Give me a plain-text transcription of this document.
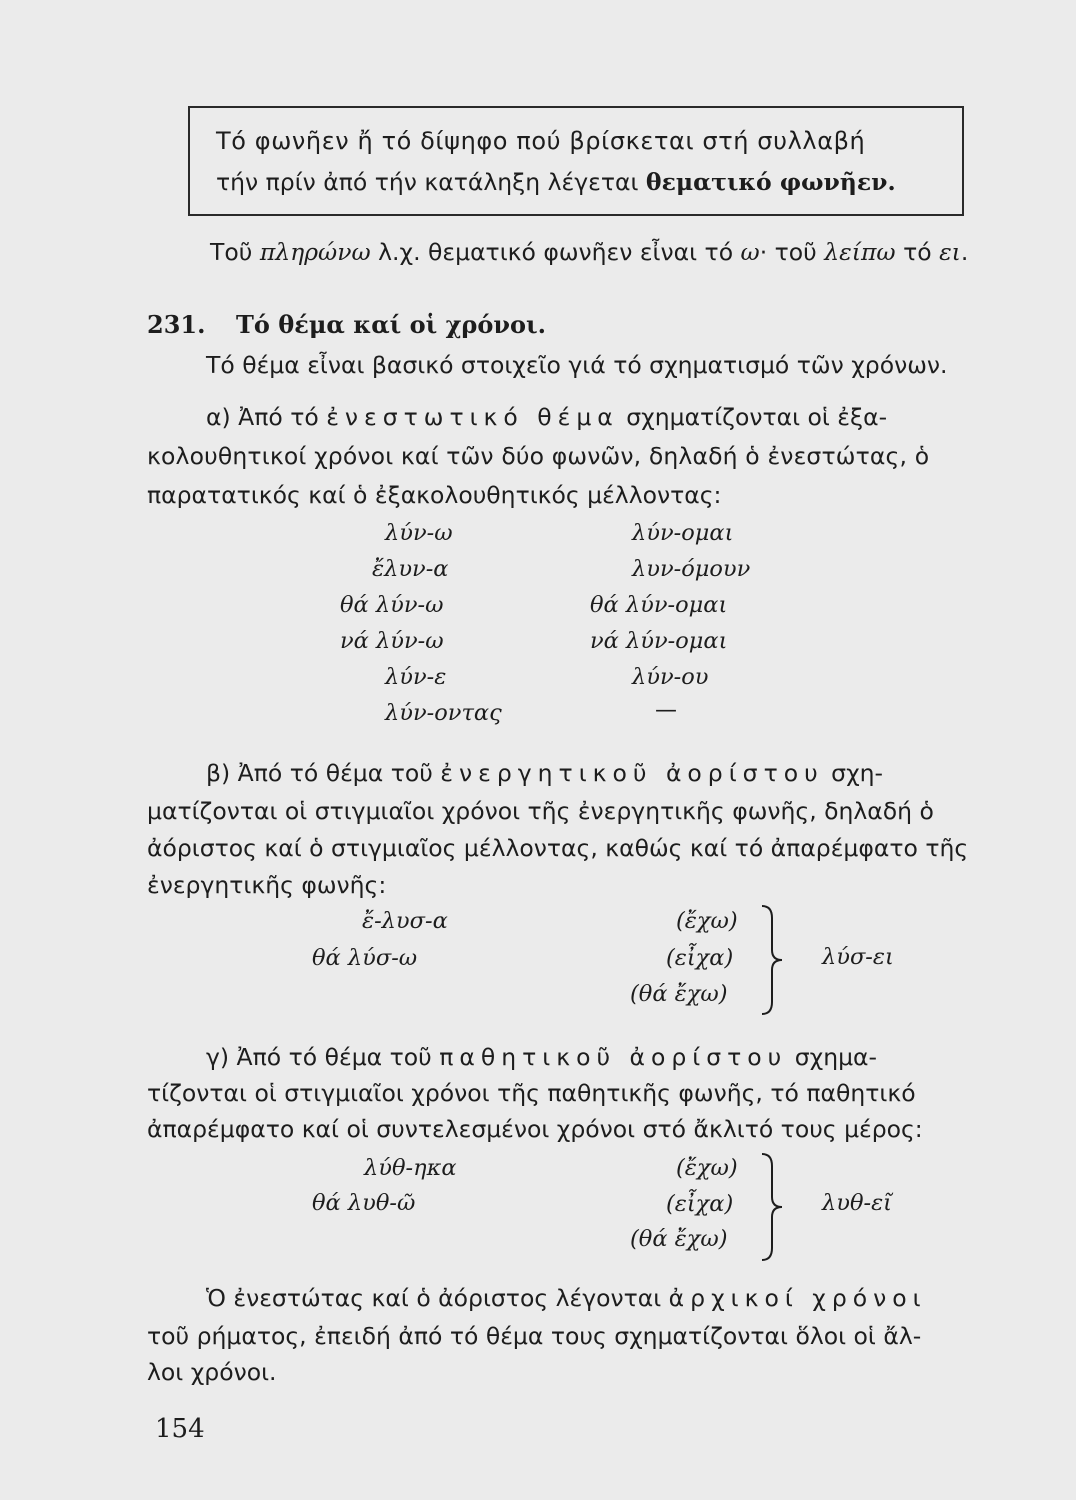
Τό φωνῆεν ἤ τό δίψηφο πού βρίσκεται στή συλλαβή
τήν πρίν ἀπό τήν κατάληξη λέγεται θεματικό φωνῆεν.
Τοῦ πληρώνω λ.χ. θεματικό φωνῆεν εἶναι τό ω· τοῦ λείπω τό ει.
231. Τό θέμα καί οἱ χρόνοι.
Τό θέμα εἶναι βασικό στοιχεῖο γιά τό σχηματισμό τῶν χρόνων.
α) Ἀπό τό ἐνεστωτικό θέμα σχηματίζονται οἱ ἐξα-
κολουθητικοί χρόνοι καί τῶν δύο φωνῶν, δηλαδή ὁ ἐνεστώτας, ὁ
παρατατικός καί ὁ ἐξακολουθητικός μέλλοντας:
λύν-ω
ἔλυν-α
θά λύν-ω
νά λύν-ω
λύν-ε
λύν-οντας
λύν-ομαι
λυν-όμουν
θά λύν-ομαι
νά λύν-ομαι
λύν-ου
—
β) Ἀπό τό θέμα τοῦ ἐνεργητικοῦ ἀορίστου σχη-
ματίζονται οἱ στιγμιαῖοι χρόνοι τῆς ἐνεργητικῆς φωνῆς, δηλαδή ὁ
ἀόριστος καί ὁ στιγμιαῖος μέλλοντας, καθώς καί τό ἀπαρέμφατο τῆς
ἐνεργητικῆς φωνῆς:
ἔ-λυσ-α
θά λύσ-ω
(ἔχω)
(εἶχα)
(θά ἔχω)
λύσ-ει
γ) Ἀπό τό θέμα τοῦ παθητικοῦ ἀορίστου σχημα-
τίζονται οἱ στιγμιαῖοι χρόνοι τῆς παθητικῆς φωνῆς, τό παθητικό
ἀπαρέμφατο καί οἱ συντελεσμένοι χρόνοι στό ἄκλιτό τους μέρος:
λύθ-ηκα
θά λυθ-ῶ
(ἔχω)
(εἶχα)
(θά ἔχω)
λυθ-εῖ
Ὁ ἐνεστώτας καί ὁ ἀόριστος λέγονται ἀρχικοί χρόνοι
τοῦ ρήματος, ἐπειδή ἀπό τό θέμα τους σχηματίζονται ὅλοι οἱ ἄλ-
λοι χρόνοι.
154
